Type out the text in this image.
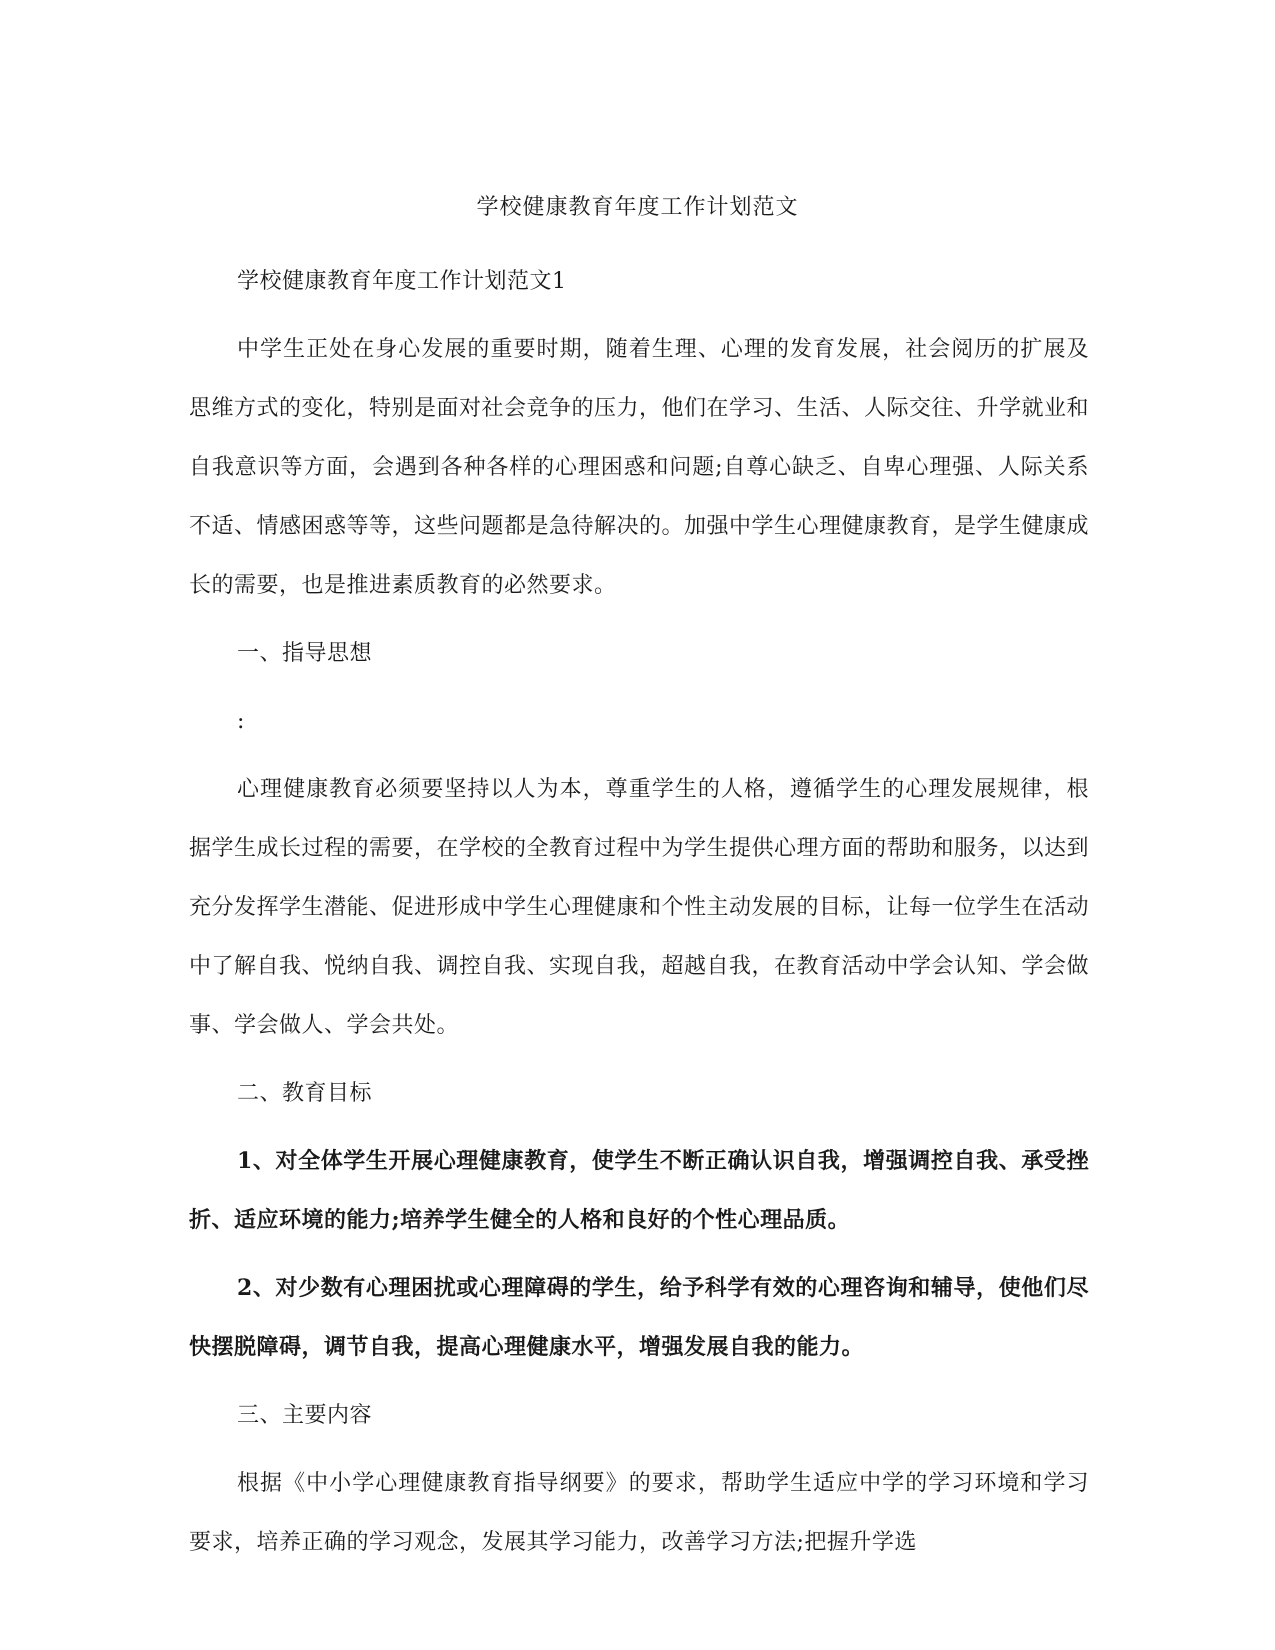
学校健康教育年度工作计划范文

学校健康教育年度工作计划范文1

中学生正处在身心发展的重要时期，随着生理、心理的发育发展，社会阅历的扩展及思维方式的变化，特别是面对社会竞争的压力，他们在学习、生活、人际交往、升学就业和自我意识等方面，会遇到各种各样的心理困惑和问题;自尊心缺乏、自卑心理强、人际关系不适、情感困惑等等，这些问题都是急待解决的。加强中学生心理健康教育，是学生健康成长的需要，也是推进素质教育的必然要求。

一、指导思想

:

心理健康教育必须要坚持以人为本，尊重学生的人格，遵循学生的心理发展规律，根据学生成长过程的需要，在学校的全教育过程中为学生提供心理方面的帮助和服务，以达到充分发挥学生潜能、促进形成中学生心理健康和个性主动发展的目标，让每一位学生在活动中了解自我、悦纳自我、调控自我、实现自我，超越自我，在教育活动中学会认知、学会做事、学会做人、学会共处。

二、教育目标

1、对全体学生开展心理健康教育，使学生不断正确认识自我，增强调控自我、承受挫折、适应环境的能力;培养学生健全的人格和良好的个性心理品质。

2、对少数有心理困扰或心理障碍的学生，给予科学有效的心理咨询和辅导，使他们尽快摆脱障碍，调节自我，提高心理健康水平，增强发展自我的能力。

三、主要内容

根据《中小学心理健康教育指导纲要》的要求，帮助学生适应中学的学习环境和学习要求，培养正确的学习观念，发展其学习能力，改善学习方法;把握升学选
